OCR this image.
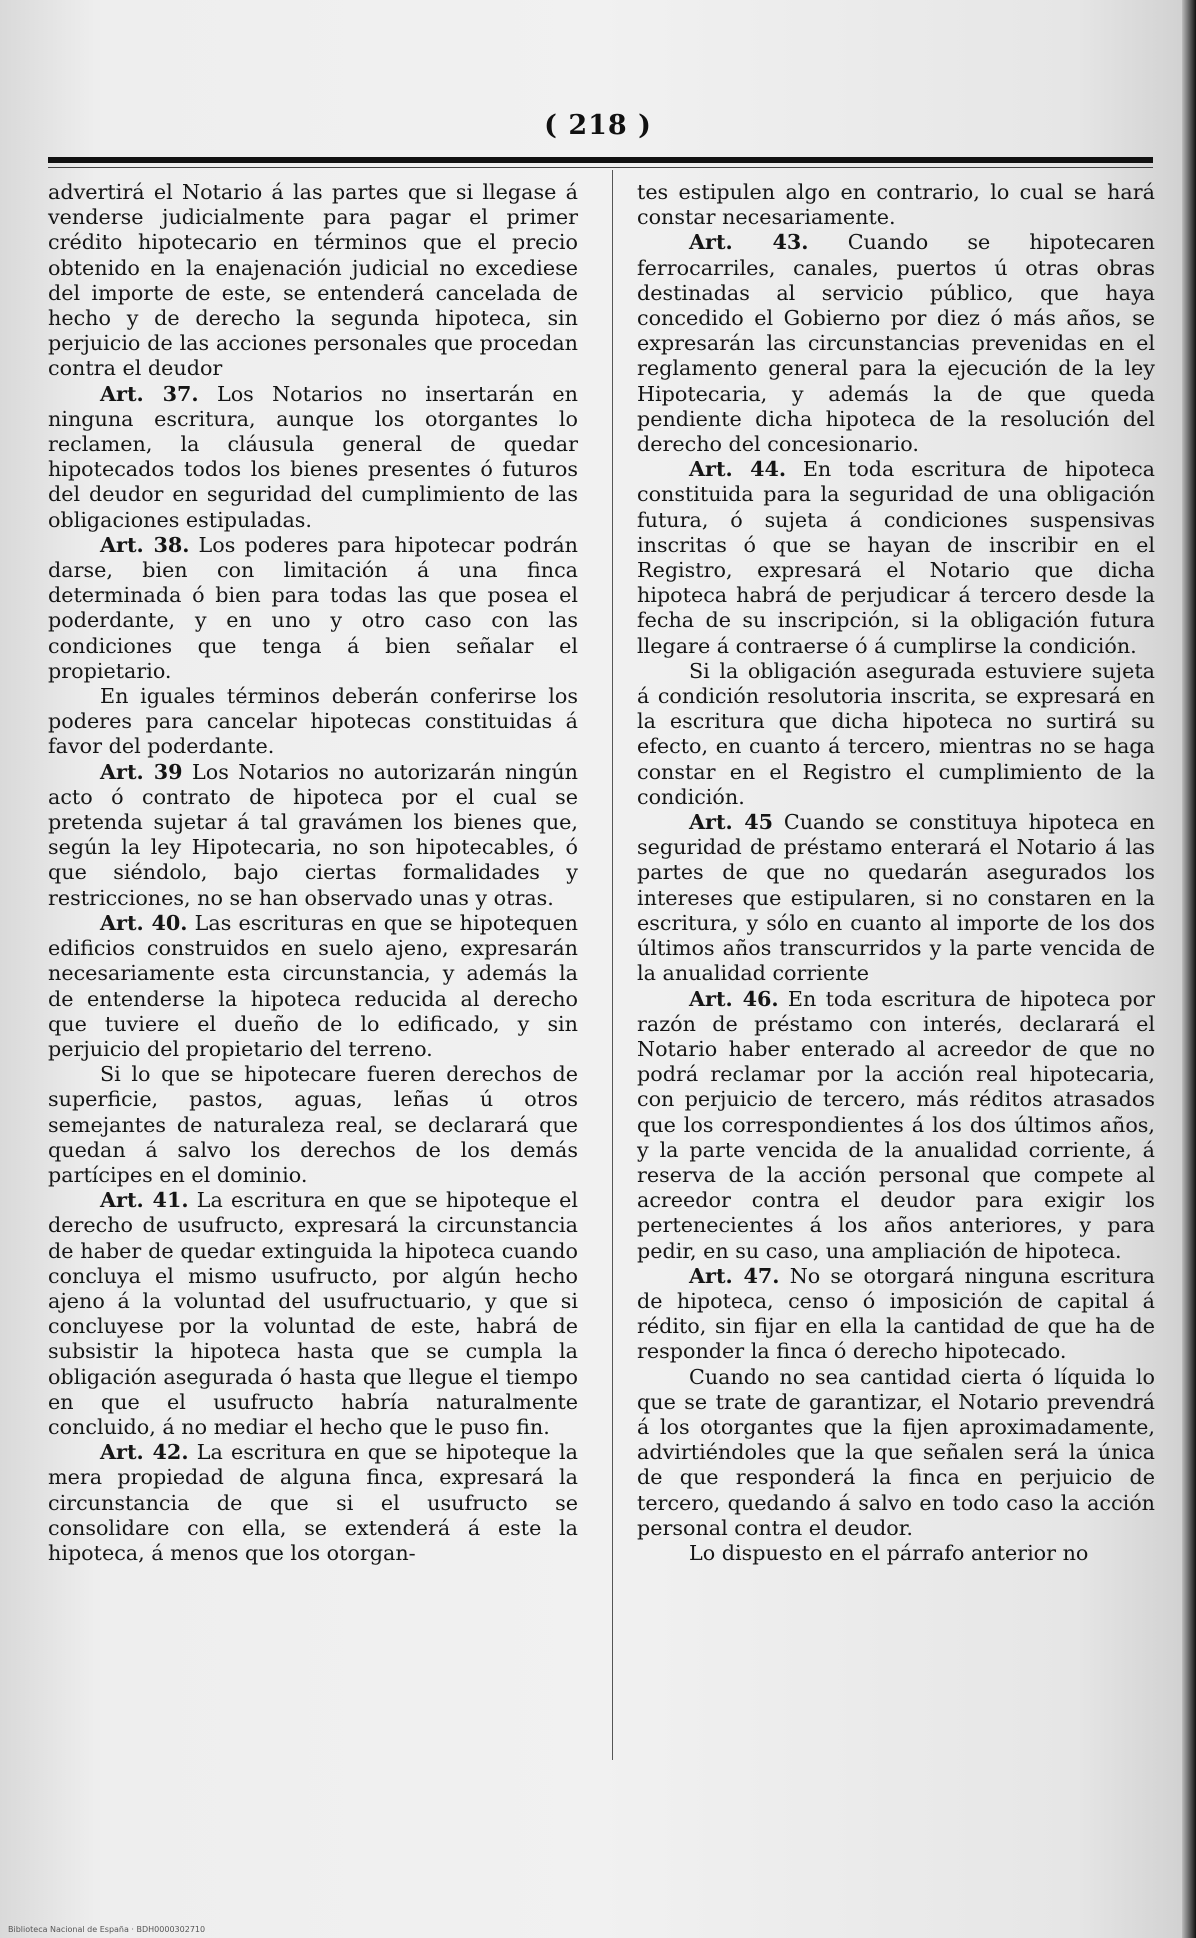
( 218 )

advertirá el Notario á las partes que si llegase á venderse judicialmente para pagar el primer crédito hipotecario en términos que el precio obtenido en la enajenación judicial no excediese del importe de este, se entenderá cancelada de hecho y de derecho la segunda hipoteca, sin perjuicio de las acciones personales que procedan contra el deudor

Art. 37. Los Notarios no insertarán en ninguna escritura, aunque los otorgantes lo reclamen, la cláusula general de quedar hipotecados todos los bienes presentes ó futuros del deudor en seguridad del cumplimiento de las obligaciones estipuladas.

Art. 38. Los poderes para hipotecar podrán darse, bien con limitación á una finca determinada ó bien para todas las que posea el poderdante, y en uno y otro caso con las condiciones que tenga á bien señalar el propietario.

En iguales términos deberán conferirse los poderes para cancelar hipotecas constituidas á favor del poderdante.

Art. 39 Los Notarios no autorizarán ningún acto ó contrato de hipoteca por el cual se pretenda sujetar á tal gravámen los bienes que, según la ley Hipotecaria, no son hipotecables, ó que siéndolo, bajo ciertas formalidades y restricciones, no se han observado unas y otras.

Art. 40. Las escrituras en que se hipotequen edificios construidos en suelo ajeno, expresarán necesariamente esta circunstancia, y además la de entenderse la hipoteca reducida al derecho que tuviere el dueño de lo edificado, y sin perjuicio del propietario del terreno.

Si lo que se hipotecare fueren derechos de superficie, pastos, aguas, leñas ú otros semejantes de naturaleza real, se declarará que quedan á salvo los derechos de los demás partícipes en el dominio.

Art. 41. La escritura en que se hipoteque el derecho de usufructo, expresará la circunstancia de haber de quedar extinguida la hipoteca cuando concluya el mismo usufructo, por algún hecho ajeno á la voluntad del usufructuario, y que si concluyese por la voluntad de este, habrá de subsistir la hipoteca hasta que se cumpla la obligación asegurada ó hasta que llegue el tiempo en que el usufructo habría naturalmente concluido, á no mediar el hecho que le puso fin.

Art. 42. La escritura en que se hipoteque la mera propiedad de alguna finca, expresará la circunstancia de que si el usufructo se consolidare con ella, se extenderá á este la hipoteca, á menos que los otorgan-

tes estipulen algo en contrario, lo cual se hará constar necesariamente.

Art. 43. Cuando se hipotecaren ferrocarriles, canales, puertos ú otras obras destinadas al servicio público, que haya concedido el Gobierno por diez ó más años, se expresarán las circunstancias prevenidas en el reglamento general para la ejecución de la ley Hipotecaria, y además la de que queda pendiente dicha hipoteca de la resolución del derecho del concesionario.

Art. 44. En toda escritura de hipoteca constituida para la seguridad de una obligación futura, ó sujeta á condiciones suspensivas inscritas ó que se hayan de inscribir en el Registro, expresará el Notario que dicha hipoteca habrá de perjudicar á tercero desde la fecha de su inscripción, si la obligación futura llegare á contraerse ó á cumplirse la condición.

Si la obligación asegurada estuviere sujeta á condición resolutoria inscrita, se expresará en la escritura que dicha hipoteca no surtirá su efecto, en cuanto á tercero, mientras no se haga constar en el Registro el cumplimiento de la condición.

Art. 45 Cuando se constituya hipoteca en seguridad de préstamo enterará el Notario á las partes de que no quedarán asegurados los intereses que estipularen, si no constaren en la escritura, y sólo en cuanto al importe de los dos últimos años transcurridos y la parte vencida de la anualidad corriente

Art. 46. En toda escritura de hipoteca por razón de préstamo con interés, declarará el Notario haber enterado al acreedor de que no podrá reclamar por la acción real hipotecaria, con perjuicio de tercero, más réditos atrasados que los correspondientes á los dos últimos años, y la parte vencida de la anualidad corriente, á reserva de la acción personal que compete al acreedor contra el deudor para exigir los pertenecientes á los años anteriores, y para pedir, en su caso, una ampliación de hipoteca.

Art. 47. No se otorgará ninguna escritura de hipoteca, censo ó imposición de capital á rédito, sin fijar en ella la cantidad de que ha de responder la finca ó derecho hipotecado.

Cuando no sea cantidad cierta ó líquida lo que se trate de garantizar, el Notario prevendrá á los otorgantes que la fijen aproximadamente, advirtiéndoles que la que señalen será la única de que responderá la finca en perjuicio de tercero, quedando á salvo en todo caso la acción personal contra el deudor.

Lo dispuesto en el párrafo anterior no

Biblioteca Nacional de España · BDH0000302710
